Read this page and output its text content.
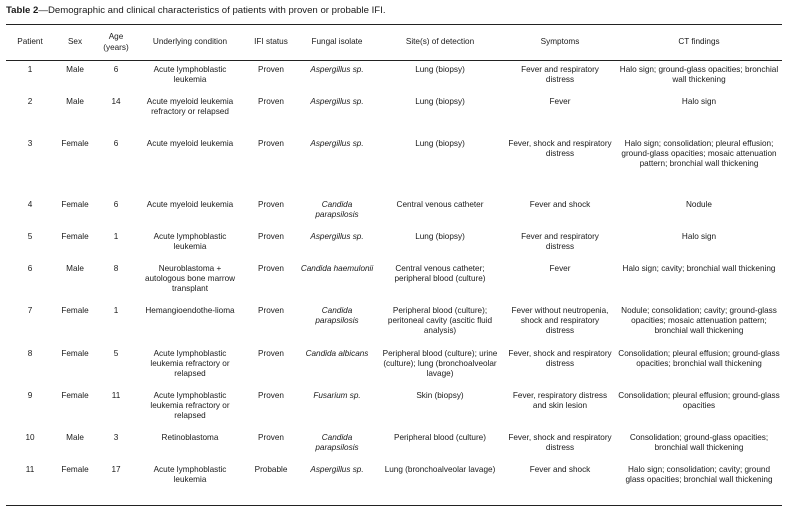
Table 2—Demographic and clinical characteristics of patients with proven or probable IFI.
Patient	Sex	Age (years)	Underlying condition	IFI status	Fungal isolate	Site(s) of detection	Symptoms	CT findings
1	Male	6	Acute lymphoblastic leukemia	Proven	Aspergillus sp.	Lung (biopsy)	Fever and respiratory distress	Halo sign; ground-glass opacities; bronchial wall thickening
2	Male	14	Acute myeloid leukemia refractory or relapsed	Proven	Aspergillus sp.	Lung (biopsy)	Fever	Halo sign
3	Female	6	Acute myeloid leukemia	Proven	Aspergillus sp.	Lung (biopsy)	Fever, shock and respiratory distress	Halo sign; consolidation; pleural effusion; ground-glass opacities; mosaic attenuation pattern; bronchial wall thickening
4	Female	6	Acute myeloid leukemia	Proven	Candida parapsilosis	Central venous catheter	Fever and shock	Nodule
5	Female	1	Acute lymphoblastic leukemia	Proven	Aspergillus sp.	Lung (biopsy)	Fever and respiratory distress	Halo sign
6	Male	8	Neuroblastoma + autologous bone marrow transplant	Proven	Candida haemulonii	Central venous catheter; peripheral blood (culture)	Fever	Halo sign; cavity; bronchial wall thickening
7	Female	1	Hemangioendothe-lioma	Proven	Candida parapsilosis	Peripheral blood (culture); peritoneal cavity (ascitic fluid analysis)	Fever without neutropenia, shock and respiratory distress	Nodule; consolidation; cavity; ground-glass opacities; mosaic attenuation pattern; bronchial wall thickening
8	Female	5	Acute lymphoblastic leukemia refractory or relapsed	Proven	Candida albicans	Peripheral blood (culture); urine (culture); lung (bronchoalveolar lavage)	Fever, shock and respiratory distress	Consolidation; pleural effusion; ground-glass opacities; bronchial wall thickening
9	Female	11	Acute lymphoblastic leukemia refractory or relapsed	Proven	Fusarium sp.	Skin (biopsy)	Fever, respiratory distress and skin lesion	Consolidation; pleural effusion; ground-glass opacities
10	Male	3	Retinoblastoma	Proven	Candida parapsilosis	Peripheral blood (culture)	Fever, shock and respiratory distress	Consolidation; ground-glass opacities; bronchial wall thickening
11	Female	17	Acute lymphoblastic leukemia	Probable	Aspergillus sp.	Lung (bronchoalveolar lavage)	Fever and shock	Halo sign; consolidation; cavity; ground glass opacities; bronchial wall thickening
